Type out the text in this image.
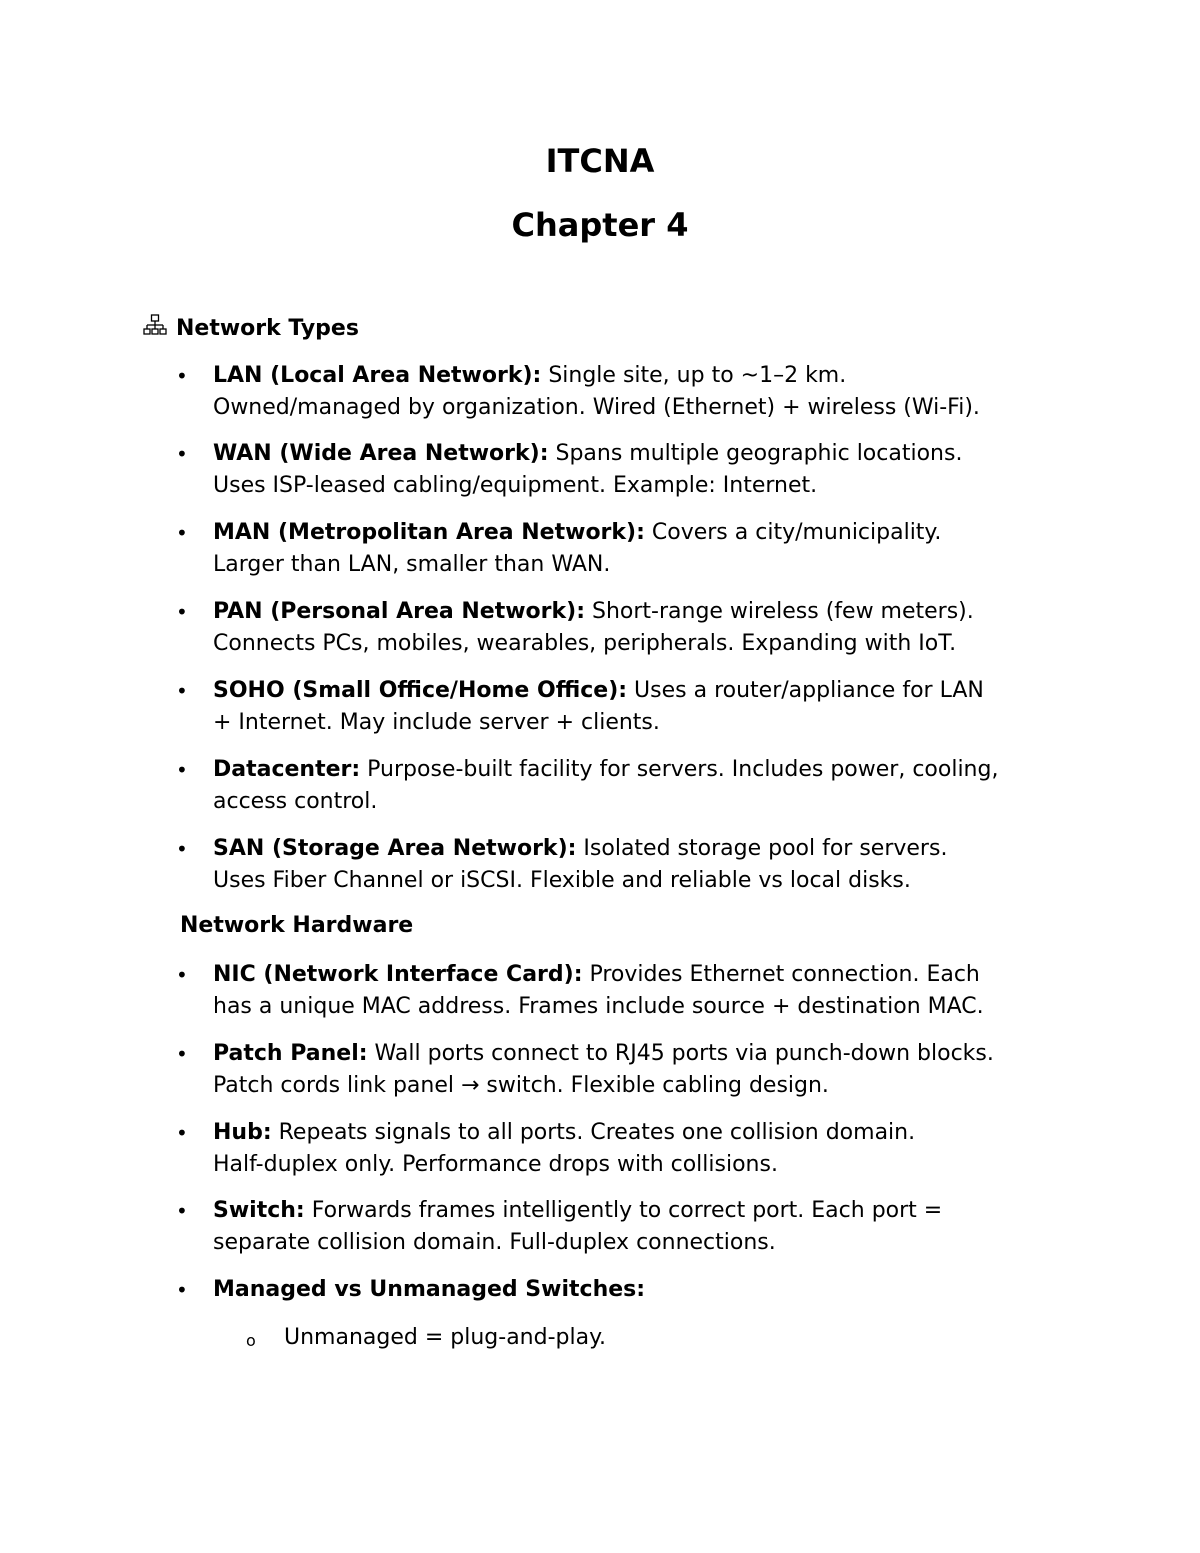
ITCNA
Chapter 4
Network Types
• LAN (Local Area Network): Single site, up to ~1–2 km.
Owned/managed by organization. Wired (Ethernet) + wireless (Wi-Fi).
• WAN (Wide Area Network): Spans multiple geographic locations.
Uses ISP-leased cabling/equipment. Example: Internet.
• MAN (Metropolitan Area Network): Covers a city/municipality.
Larger than LAN, smaller than WAN.
• PAN (Personal Area Network): Short-range wireless (few meters).
Connects PCs, mobiles, wearables, peripherals. Expanding with IoT.
• SOHO (Small Office/Home Office): Uses a router/appliance for LAN
+ Internet. May include server + clients.
• Datacenter: Purpose-built facility for servers. Includes power, cooling,
access control.
• SAN (Storage Area Network): Isolated storage pool for servers.
Uses Fiber Channel or iSCSI. Flexible and reliable vs local disks.
Network Hardware
• NIC (Network Interface Card): Provides Ethernet connection. Each
has a unique MAC address. Frames include source + destination MAC.
• Patch Panel: Wall ports connect to RJ45 ports via punch-down blocks.
Patch cords link panel → switch. Flexible cabling design.
• Hub: Repeats signals to all ports. Creates one collision domain.
Half-duplex only. Performance drops with collisions.
• Switch: Forwards frames intelligently to correct port. Each port =
separate collision domain. Full-duplex connections.
• Managed vs Unmanaged Switches:
o Unmanaged = plug-and-play.
